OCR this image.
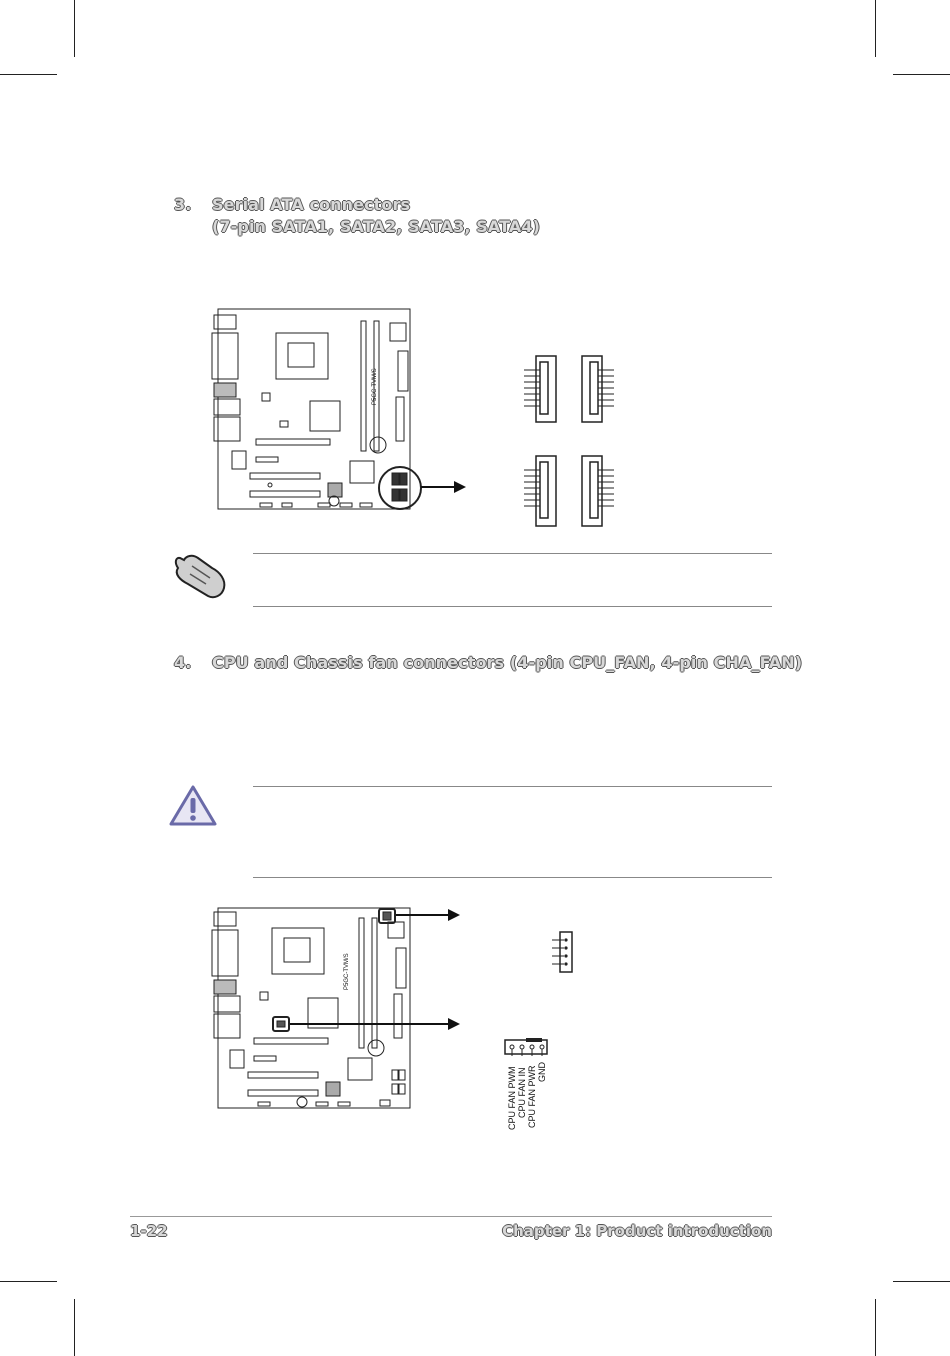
3. Serial ATA connectors
(7-pin SATA1, SATA2, SATA3, SATA4)
P5GC-TVM/S
4. CPU and Chassis fan connectors (4-pin CPU_FAN, 4-pin CHA_FAN)
P5GC-TVM/S
CPU FAN PWM CPU FAN IN CPU FAN PWR GND
1-22	Chapter 1: Product introduction
